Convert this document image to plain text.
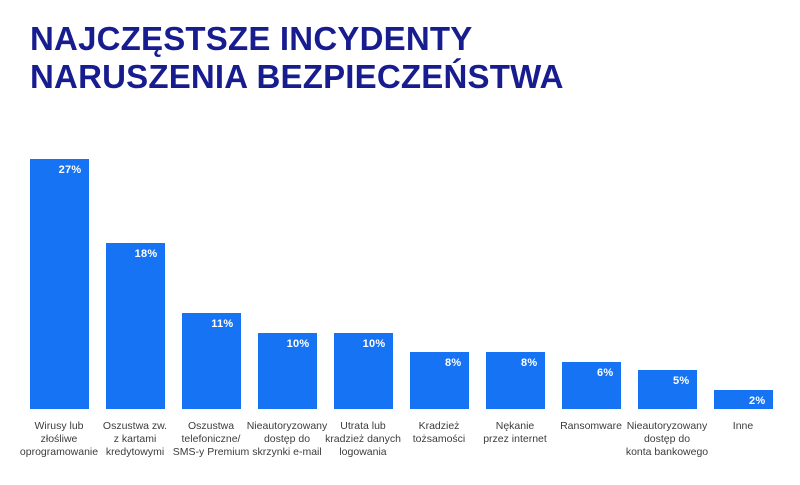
NAJCZĘSTSZE INCYDENTY
NARUSZENIA BEZPIECZEŃSTWA
27%
Wirusy lub
złośliwe
oprogramowanie
18%
Oszustwa zw.
z kartami
kredytowymi
11%
Oszustwa
telefoniczne/
SMS-y Premium
10%
Nieautoryzowany
dostęp do
skrzynki e-mail
10%
Utrata lub
kradzież danych
logowania
8%
Kradzież
tożsamości
8%
Nękanie
przez internet
6%
Ransomware
5%
Nieautoryzowany
dostęp do
konta bankowego
2%
Inne
